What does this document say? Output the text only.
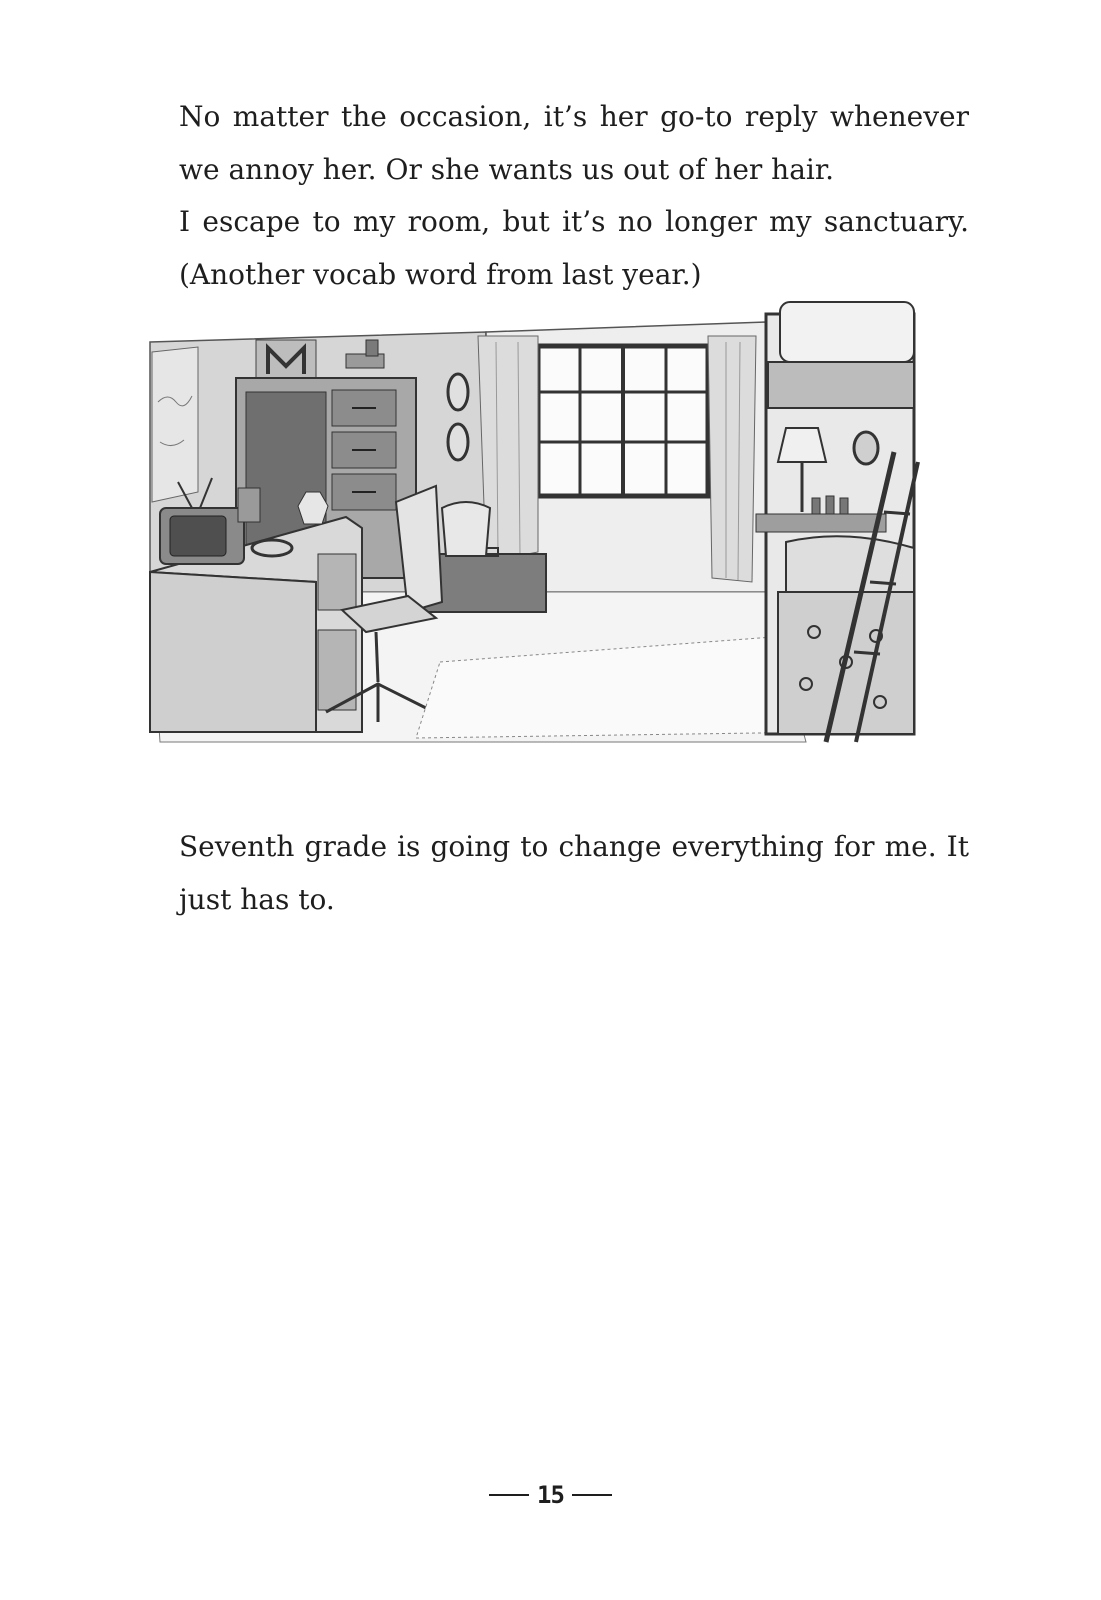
No matter the occasion, it’s her go-to reply whenever we annoy her. Or she wants us out of her hair.

I escape to my room, but it’s no longer my sanctuary. (Another vocab word from last year.)

Seventh grade is going to change everything for me. It just has to.

15
